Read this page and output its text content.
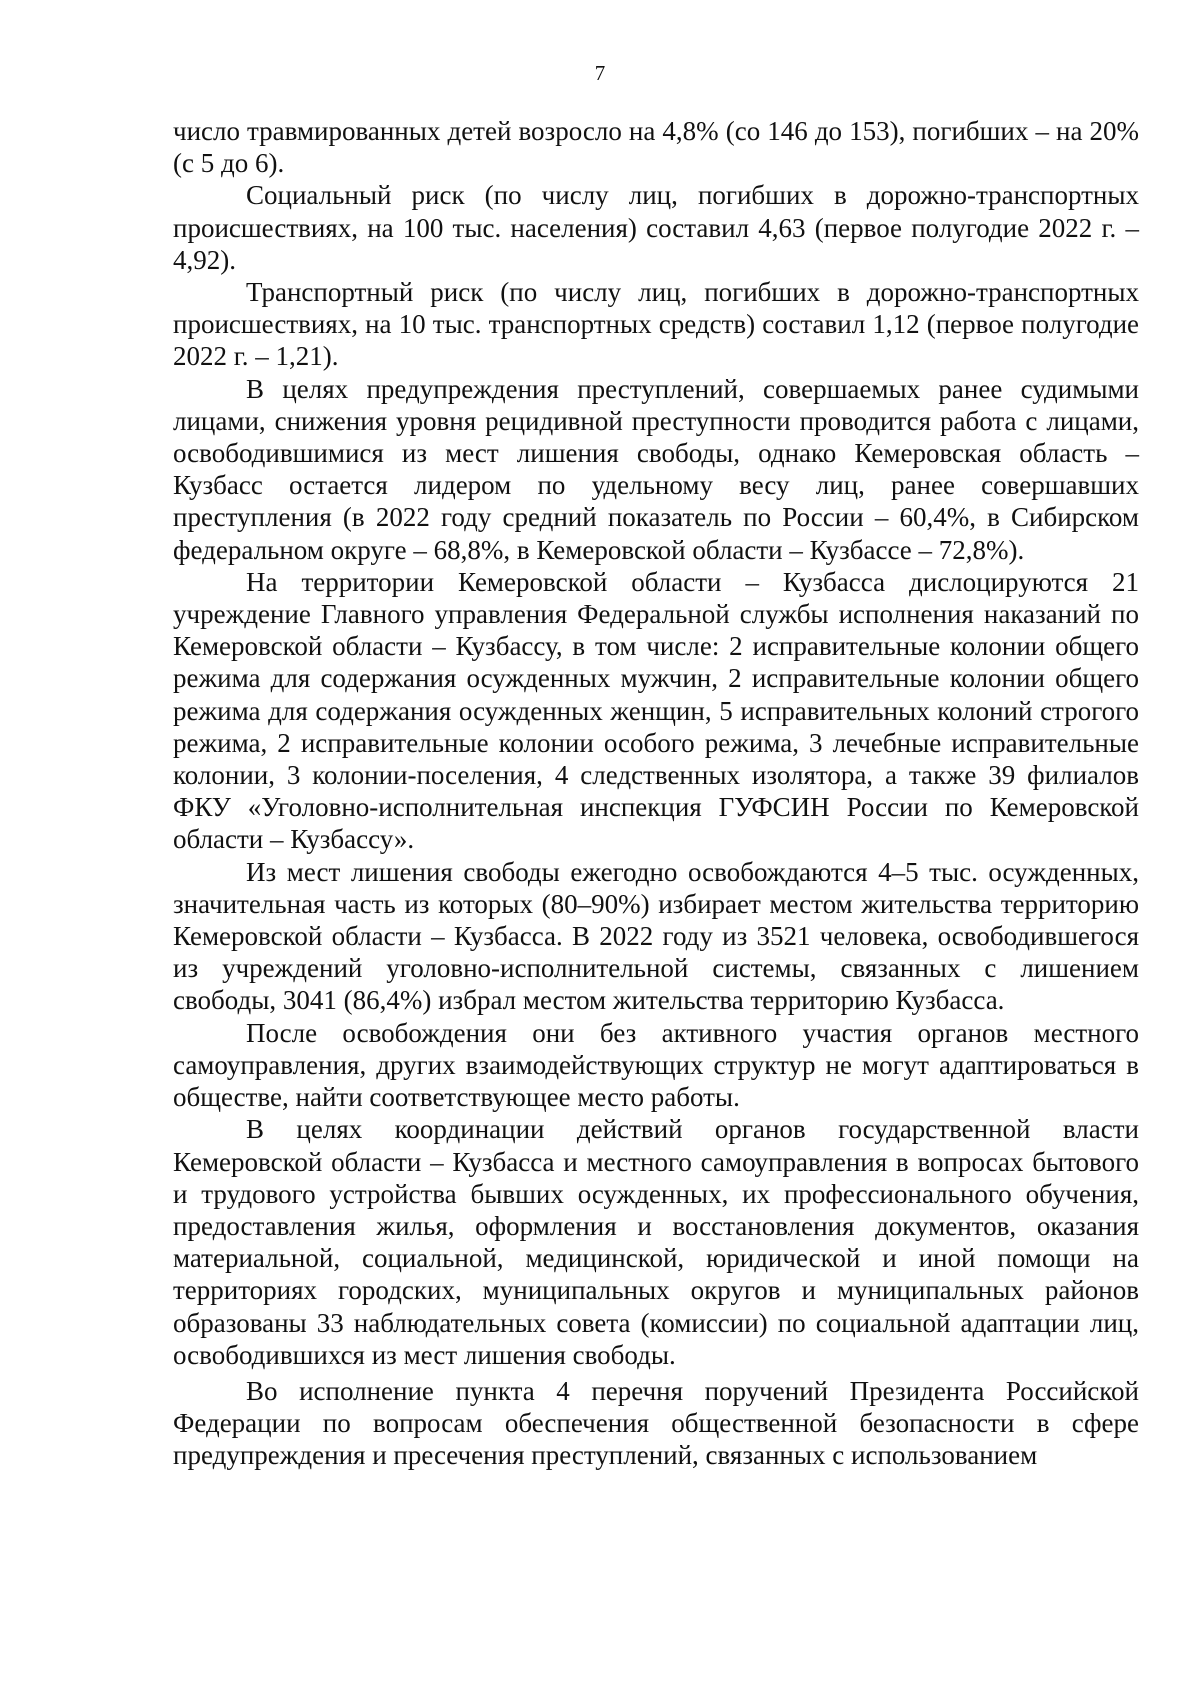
7

число травмированных детей возросло на 4,8% (со 146 до 153), погибших – на 20% (с 5 до 6).

Социальный риск (по числу лиц, погибших в дорожно-транспортных происшествиях, на 100 тыс. населения) составил 4,63 (первое полугодие 2022 г. – 4,92).

Транспортный риск (по числу лиц, погибших в дорожно-транспортных происшествиях, на 10 тыс. транспортных средств) составил 1,12 (первое полугодие 2022 г. – 1,21).

В целях предупреждения преступлений, совершаемых ранее судимыми лицами, снижения уровня рецидивной преступности проводится работа с лицами, освободившимися из мест лишения свободы, однако Кемеровская область – Кузбасс остается лидером по удельному весу лиц, ранее совершавших преступления (в 2022 году средний показатель по России – 60,4%, в Сибирском федеральном округе – 68,8%, в Кемеровской области – Кузбассе – 72,8%).

На территории Кемеровской области – Кузбасса дислоцируются 21 учреждение Главного управления Федеральной службы исполнения наказаний по Кемеровской области – Кузбассу, в том числе: 2 исправительные колонии общего режима для содержания осужденных мужчин, 2 исправительные колонии общего режима для содержания осужденных женщин, 5 исправительных колоний строгого режима, 2 исправительные колонии особого режима, 3 лечебные исправительные колонии, 3 колонии-поселения, 4 следственных изолятора, а также 39 филиалов ФКУ «Уголовно-исполнительная инспекция ГУФСИН России по Кемеровской области – Кузбассу».

Из мест лишения свободы ежегодно освобождаются 4–5 тыс. осужденных, значительная часть из которых (80–90%) избирает местом жительства территорию Кемеровской области – Кузбасса. В 2022 году из 3521 человека, освободившегося из учреждений уголовно-исполнительной системы, связанных с лишением свободы, 3041 (86,4%) избрал местом жительства территорию Кузбасса.

После освобождения они без активного участия органов местного самоуправления, других взаимодействующих структур не могут адаптироваться в обществе, найти соответствующее место работы.

В целях координации действий органов государственной власти Кемеровской области – Кузбасса и местного самоуправления в вопросах бытового и трудового устройства бывших осужденных, их профессионального обучения, предоставления жилья, оформления и восстановления документов, оказания материальной, социальной, медицинской, юридической и иной помощи на территориях городских, муниципальных округов и муниципальных районов образованы 33 наблюдательных совета (комиссии) по социальной адаптации лиц, освободившихся из мест лишения свободы.

Во исполнение пункта 4 перечня поручений Президента Российской Федерации по вопросам обеспечения общественной безопасности в сфере предупреждения и пресечения преступлений, связанных с использованием
